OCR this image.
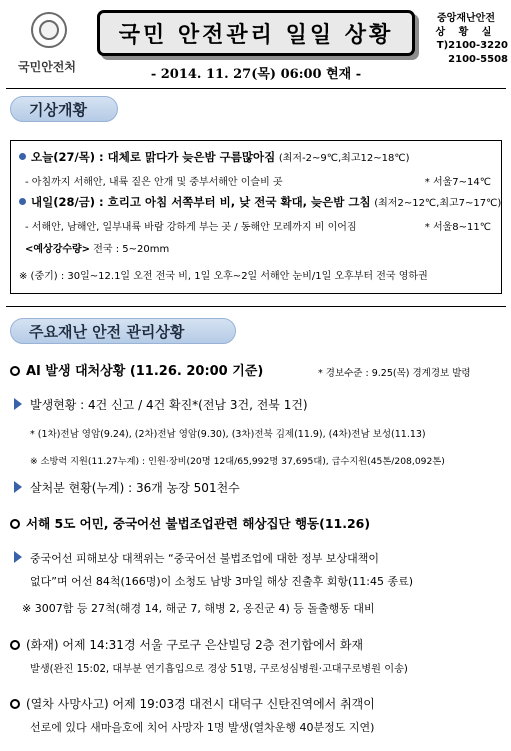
국민안전처
국민 안전관리 일일 상황
- 2014. 11. 27(목) 06:00 현재 -
중앙재난안전
상 황 실
T)2100-3220
2100-5508
기상개황
오늘(27/목) : 대체로 맑다가 늦은밤 구름많아짐 (최저-2~9℃,최고12~18℃)
- 아침까지 서해안, 내륙 짙은 안개 및 중부서해안 이슬비 곳	* 서울7~14℃
내일(28/금) : 흐리고 아침 서쪽부터 비, 낮 전국 확대, 늦은밤 그침 (최저2~12℃,최고7~17℃)
- 서해안, 남해안, 일부내륙 바람 강하게 부는 곳 / 동해안 모레까지 비 이어짐	* 서울8~11℃
<예상강수량> 전국 : 5~20mm
※ (중기) : 30일~12.1일 오전 전국 비, 1일 오후~2일 서해안 눈비/1일 오후부터 전국 영하권
주요재난 안전 관리상황
AI 발생 대처상황 (11.26. 20:00 기준)	* 경보수준 : 9.25(목) 경계경보 발령
발생현황 : 4건 신고 / 4건 확진*(전남 3건, 전북 1건)
* (1차)전남 영암(9.24), (2차)전남 영암(9.30), (3차)전북 김제(11.9), (4차)전남 보성(11.13)
※ 소방력 지원(11.27누계) : 인원·장비(20명 12대/65,992명 37,695대), 급수지원(45톤/208,092톤)
살처분 현황(누계) : 36개 농장 501천수
서해 5도 어민, 중국어선 불법조업관련 해상집단 행동(11.26)
중국어선 피해보상 대책위는 “중국어선 불법조업에 대한 정부 보상대책이
없다”며 어선 84척(166명)이 소청도 남방 3마일 해상 진출후 회항(11:45 종료)
※ 3007함 등 27척(해경 14, 해군 7, 해병 2, 옹진군 4) 등 돌출행동 대비
(화재) 어제 14:31경 서울 구로구 은산빌딩 2층 전기합에서 화재
발생(완진 15:02, 대부분 연기흡입으로 경상 51명, 구로성심병원·고대구로병원 이송)
(열차 사망사고) 어제 19:03경 대전시 대덕구 신탄진역에서 취객이
선로에 있다 새마을호에 치어 사망자 1명 발생(열차운행 40분정도 지연)
